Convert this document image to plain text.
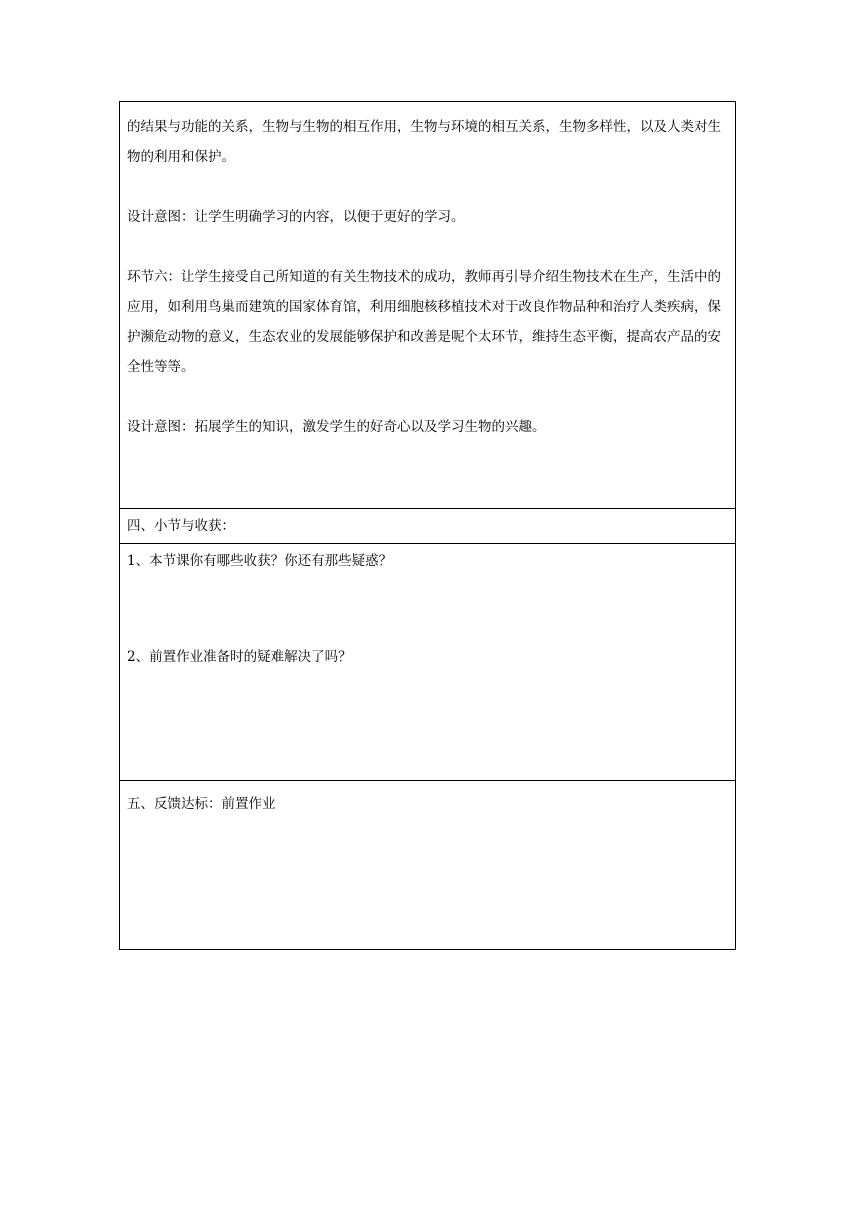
的结果与功能的关系，生物与生物的相互作用，生物与环境的相互关系，生物多样性，以及人类对生物的利用和保护。

设计意图：让学生明确学习的内容，以便于更好的学习。

环节六：让学生接受自己所知道的有关生物技术的成功，教师再引导介绍生物技术在生产，生活中的应用，如利用鸟巢而建筑的国家体育馆，利用细胞核移植技术对于改良作物品种和治疗人类疾病，保护濒危动物的意义，生态农业的发展能够保护和改善是呢个太环节，维持生态平衡，提高农产品的安全性等等。

设计意图：拓展学生的知识，激发学生的好奇心以及学习生物的兴趣。

四、小节与收获：

1、本节课你有哪些收获？你还有那些疑惑？

2、前置作业准备时的疑难解决了吗？

五、反馈达标：前置作业
